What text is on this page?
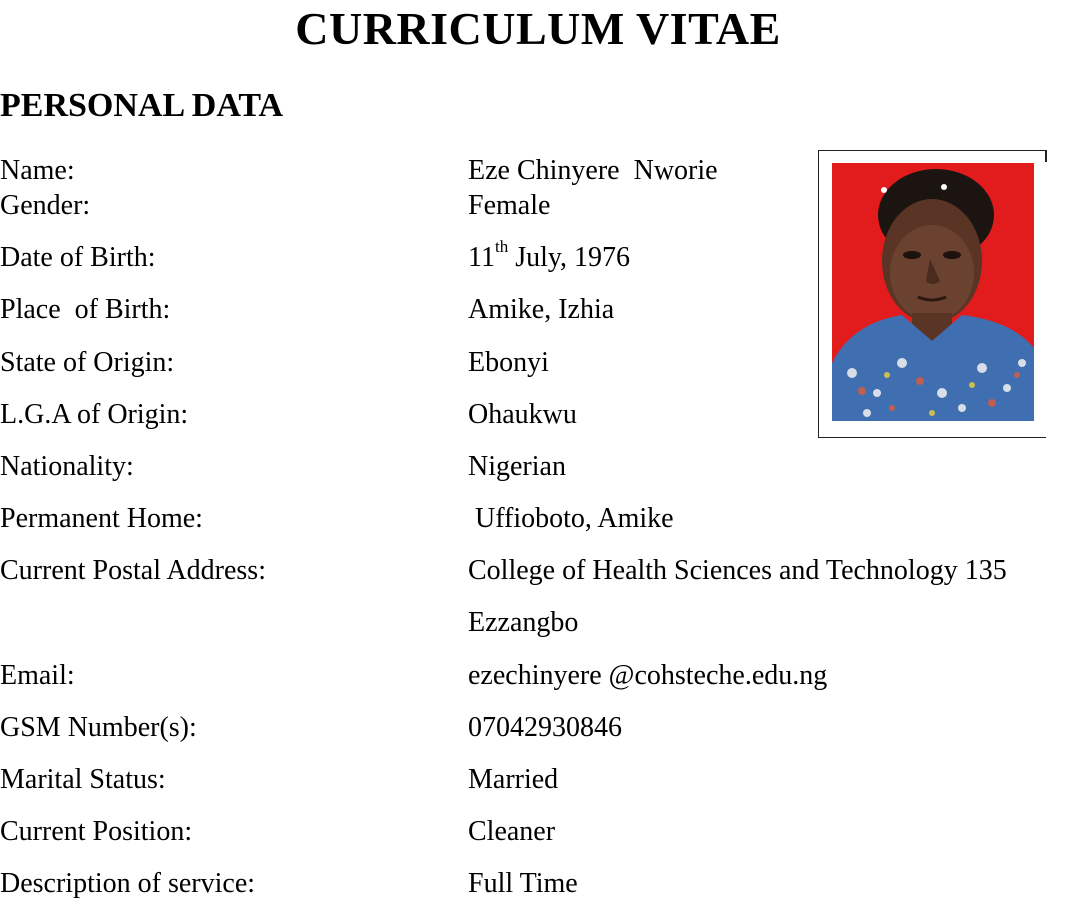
CURRICULUM VITAE
PERSONAL DATA
Name:	Eze Chinyere  Nworie
Gender:	Female
Date of Birth:	11th July, 1976
Place  of Birth:	Amike, Izhia
State of Origin:	Ebonyi
L.G.A of Origin:	Ohaukwu
Nationality:	Nigerian
Permanent Home:	Uffioboto, Amike
Current Postal Address:	College of Health Sciences and Technology 135
Ezzangbo
Email:	ezechinyere @cohsteche.edu.ng
GSM Number(s):	07042930846
Marital Status:	Married
Current Position:	Cleaner
Description of service:	Full Time
